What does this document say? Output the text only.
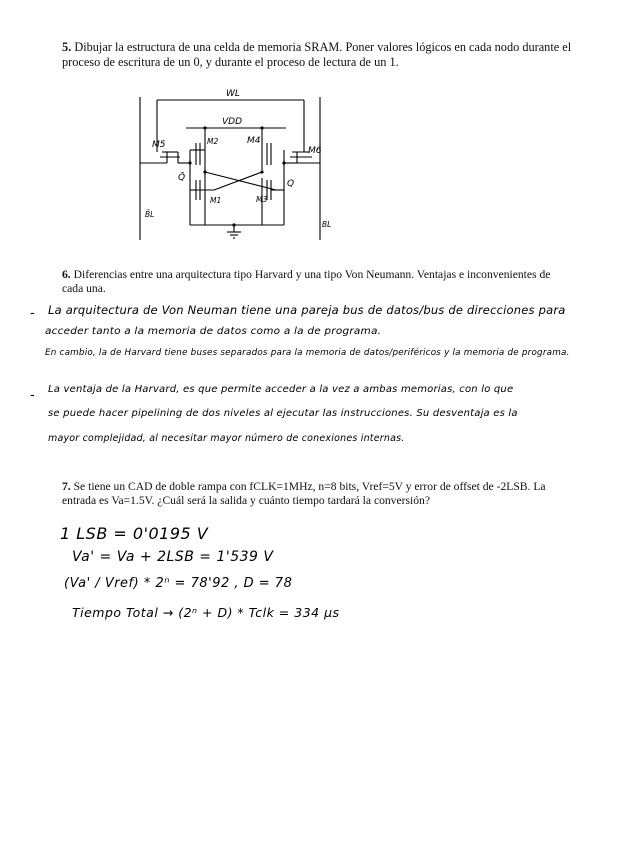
5. Dibujar la estructura de una celda de memoria SRAM. Poner valores lógicos en cada nodo durante el proceso de escritura de un 0, y durante el proceso de lectura de un 1.
WL
VDD
M5	M2	M4
M6
Q̄
Q
M1	M3
B̄L
BL
6. Diferencias entre una arquitectura tipo Harvard y una tipo Von Neumann. Ventajas e inconvenientes de cada una.
- La arquitectura de Von Neuman tiene una pareja bus de datos/bus de direcciones para
acceder tanto a la memoria de datos como a la de programa.
En cambio, la de Harvard tiene buses separados para la memoria de datos/periféricos y la memoria de programa.
- La ventaja de la Harvard, es que permite acceder a la vez a ambas memorias, con lo que
se puede hacer pipelining de dos niveles al ejecutar las instrucciones. Su desventaja es la
mayor complejidad, al necesitar mayor número de conexiones internas.
7. Se tiene un CAD de doble rampa con fCLK=1MHz, n=8 bits, Vref=5V y error de offset de -2LSB. La entrada es Va=1.5V. ¿Cuál será la salida y cuánto tiempo tardará la conversión?
1 LSB = 0'0195 V
Va' = Va + 2LSB = 1'539 V
(Va' / Vref) * 2ⁿ = 78'92 , D = 78
Tiempo Total → (2ⁿ + D) * Tclk = 334 µs
